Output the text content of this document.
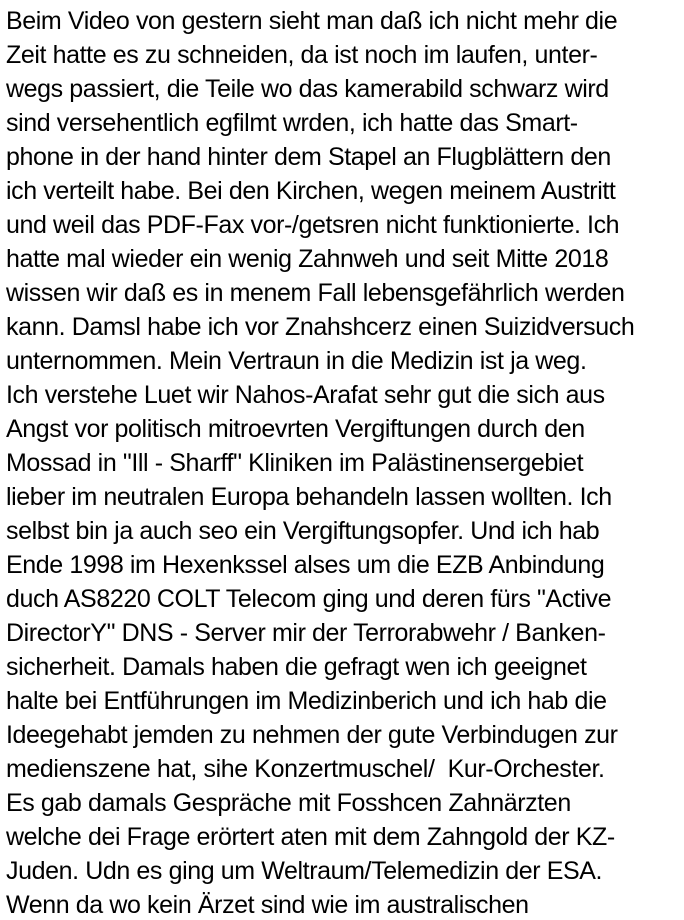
Beim Video von gestern sieht man daß ich nicht mehr die
Zeit hatte es zu schneiden, da ist noch im laufen, unter-
wegs passiert, die Teile wo das kamerabild schwarz wird
sind versehentlich egfilmt wrden, ich hatte das Smart-
phone in der hand hinter dem Stapel an Flugblättern den
ich verteilt habe. Bei den Kirchen, wegen meinem Austritt
und weil das PDF-Fax vor-/getsren nicht funktionierte. Ich
hatte mal wieder ein wenig Zahnweh und seit Mitte 2018
wissen wir daß es in menem Fall lebensgefährlich werden
kann. Damsl habe ich vor Znahshcerz einen Suizidversuch
unternommen. Mein Vertraun in die Medizin ist ja weg.
Ich verstehe Luet wir Nahos-Arafat sehr gut die sich aus
Angst vor politisch mitroevrten Vergiftungen durch den
Mossad in "Ill - Sharff" Kliniken im Palästinensergebiet
lieber im neutralen Europa behandeln lassen wollten. Ich
selbst bin ja auch seo ein Vergiftungsopfer. Und ich hab
Ende 1998 im Hexenkssel alses um die EZB Anbindung
duch AS8220 COLT Telecom ging und deren fürs "Active
DirectorY" DNS - Server mir der Terrorabwehr / Banken-
sicherheit. Damals haben die gefragt wen ich geeignet
halte bei Entführungen im Medizinberich und ich hab die
Ideegehabt jemden zu nehmen der gute Verbindugen zur
medienszene hat, sihe Konzertmuschel/  Kur-Orchester.
Es gab damals Gespräche mit Fosshcen Zahnärzten
welche dei Frage erörtert aten mit dem Zahngold der KZ-
Juden. Udn es ging um Weltraum/Telemedizin der ESA.
Wenn da wo kein Ärzet sind wie im australischen
